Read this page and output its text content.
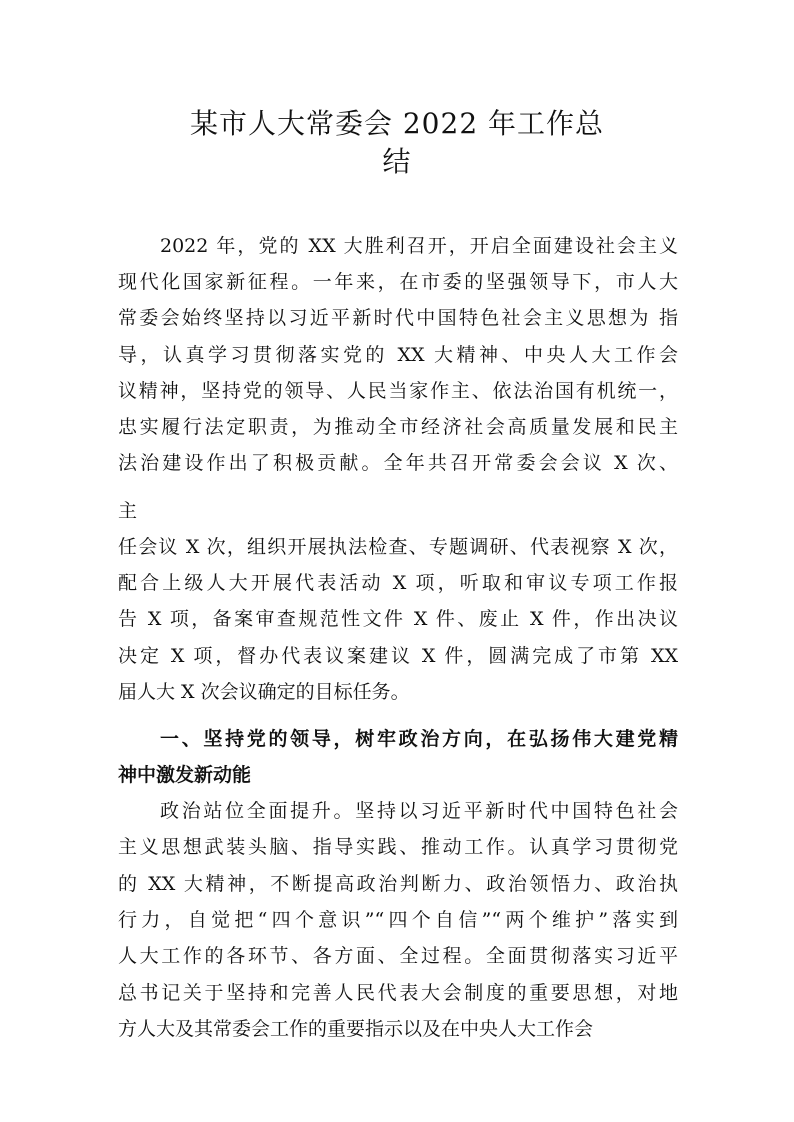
某市人大常委会 2022 年工作总
结
2022 年，党的 XX 大胜利召开，开启全面建设社会主义
现代化国家新征程。一年来，在市委的坚强领导下，市人大
常委会始终坚持以习近平新时代中国特色社会主义思想为 指
导，认真学习贯彻落实党的 XX 大精神、中央人大工作会
议精神，坚持党的领导、人民当家作主、依法治国有机统一，
忠实履行法定职责，为推动全市经济社会高质量发展和民主
法治建设作出了积极贡献。全年共召开常委会会议 X 次、
主
任会议 X 次，组织开展执法检查、专题调研、代表视察 X 次，
配合上级人大开展代表活动 X 项，听取和审议专项工作报
告 X 项，备案审查规范性文件 X 件、废止 X 件，作出决议
决定 X 项，督办代表议案建议 X 件，圆满完成了市第 XX
届人大 X 次会议确定的目标任务。
一、坚持党的领导，树牢政治方向，在弘扬伟大建党精
神中激发新动能
政治站位全面提升。坚持以习近平新时代中国特色社会
主义思想武装头脑、指导实践、推动工作。认真学习贯彻党
的 XX 大精神，不断提高政治判断力、政治领悟力、政治执
行力，自觉把“四个意识”“四个自信”“两个维护”落实到
人大工作的各环节、各方面、全过程。全面贯彻落实习近平
总书记关于坚持和完善人民代表大会制度的重要思想，对地
方人大及其常委会工作的重要指示以及在中央人大工作会
